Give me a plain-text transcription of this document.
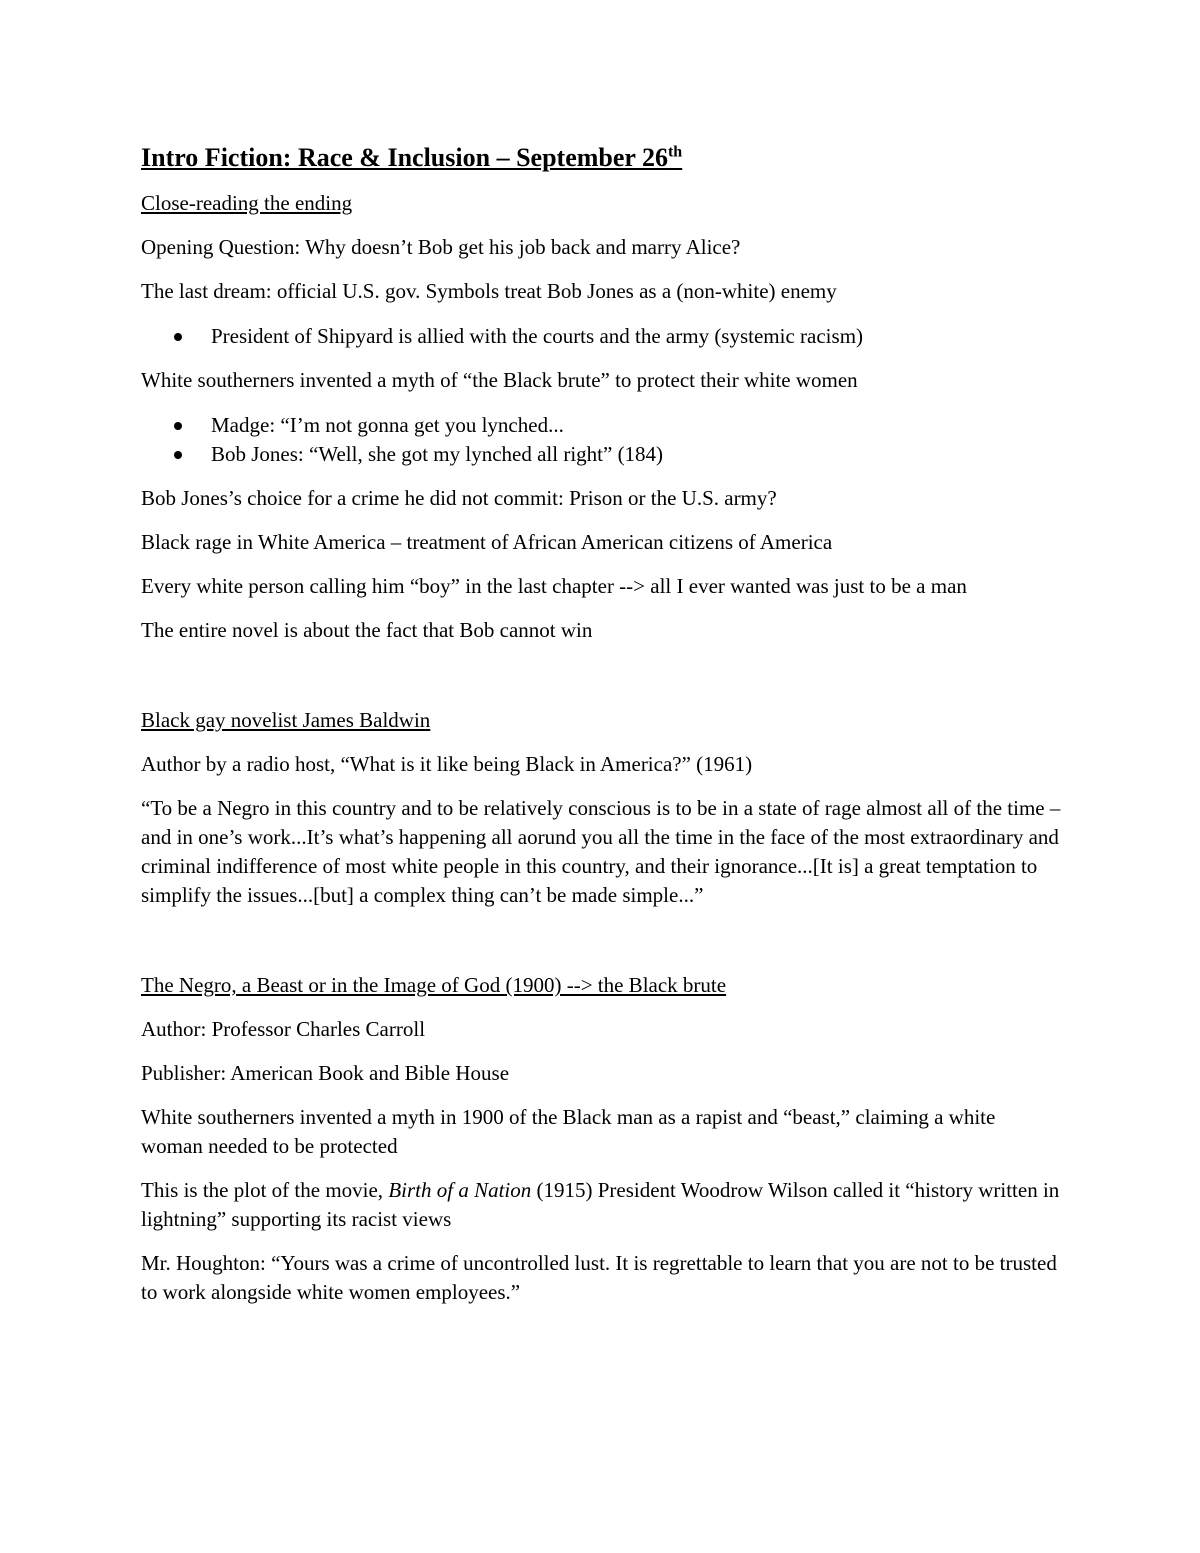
Intro Fiction: Race & Inclusion – September 26th

Close-reading the ending

Opening Question: Why doesn’t Bob get his job back and marry Alice?

The last dream: official U.S. gov. Symbols treat Bob Jones as a (non-white) enemy

President of Shipyard is allied with the courts and the army (systemic racism)

White southerners invented a myth of “the Black brute” to protect their white women

Madge: “I’m not gonna get you lynched...
Bob Jones: “Well, she got my lynched all right” (184)

Bob Jones’s choice for a crime he did not commit: Prison or the U.S. army?

Black rage in White America – treatment of African American citizens of America

Every white person calling him “boy” in the last chapter --> all I ever wanted was just to be a man

The entire novel is about the fact that Bob cannot win

Black gay novelist James Baldwin

Author by a radio host, “What is it like being Black in America?” (1961)

“To be a Negro in this country and to be relatively conscious is to be in a state of rage almost all of the time – and in one’s work...It’s what’s happening all aorund you all the time in the face of the most extraordinary and criminal indifference of most white people in this country, and their ignorance...[It is] a great temptation to simplify the issues...[but] a complex thing can’t be made simple...”

The Negro, a Beast or in the Image of God (1900) --> the Black brute

Author: Professor Charles Carroll

Publisher: American Book and Bible House

White southerners invented a myth in 1900 of the Black man as a rapist and “beast,” claiming a white woman needed to be protected

This is the plot of the movie, Birth of a Nation (1915) President Woodrow Wilson called it “history written in lightning” supporting its racist views

Mr. Houghton: “Yours was a crime of uncontrolled lust. It is regrettable to learn that you are not to be trusted to work alongside white women employees.”
